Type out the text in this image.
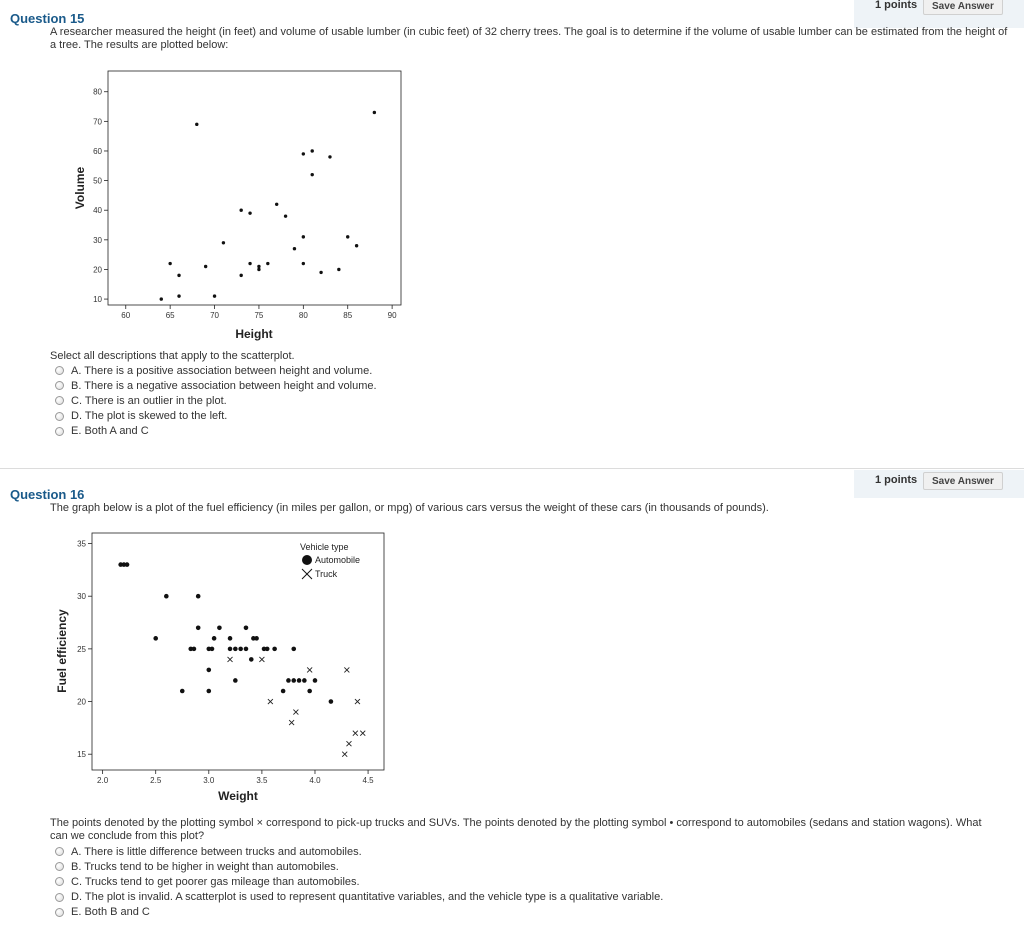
1 points	Save Answer
Question 15
A researcher measured the height (in feet) and volume of usable lumber (in cubic feet) of 32 cherry trees. The goal is to determine if the volume of usable lumber can be estimated from the height of a tree. The results are plotted below:
60	65	70	75	80	85	90
10
20
30
40
50
60
70
80
Height
Volume
Select all descriptions that apply to the scatterplot.
A. There is a positive association between height and volume.
B. There is a negative association between height and volume.
C. There is an outlier in the plot.
D. The plot is skewed to the left.
E. Both A and C
1 points	Save Answer
Question 16
The graph below is a plot of the fuel efficiency (in miles per gallon, or mpg) of various cars versus the weight of these cars (in thousands of pounds).
2.0	2.5	3.0	3.5	4.0	4.5
15
20
25
30
35	Vehicle type
Automobile
Truck
Weight
Fuel efficiency
The points denoted by the plotting symbol × correspond to pick-up trucks and SUVs. The points denoted by the plotting symbol • correspond to automobiles (sedans and station wagons). What can we conclude from this plot?
A. There is little difference between trucks and automobiles.
B. Trucks tend to be higher in weight than automobiles.
C. Trucks tend to get poorer gas mileage than automobiles.
D. The plot is invalid. A scatterplot is used to represent quantitative variables, and the vehicle type is a qualitative variable.
E. Both B and C
